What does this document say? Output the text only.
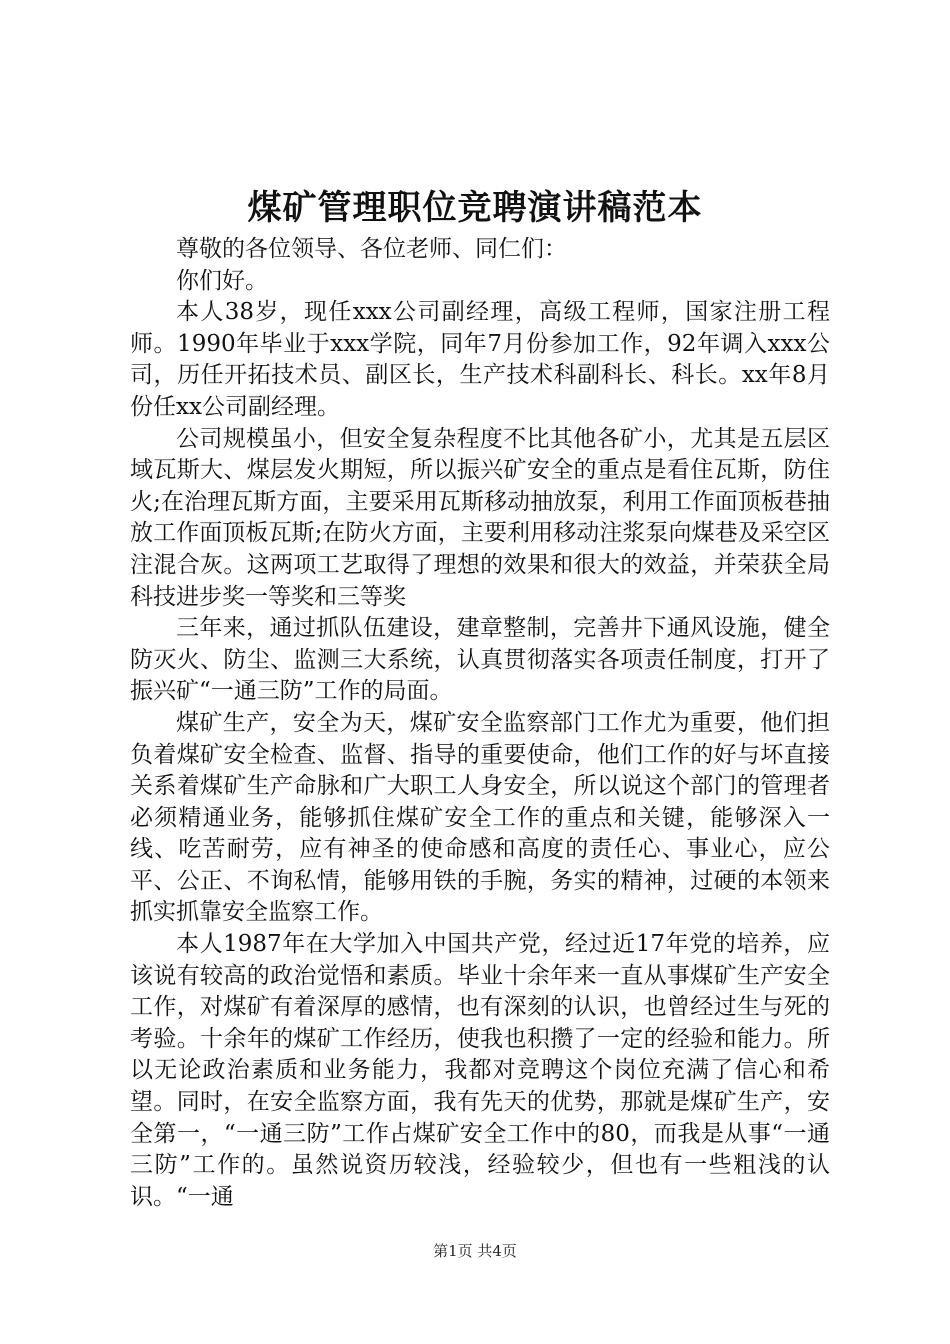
煤矿管理职位竞聘演讲稿范本

尊敬的各位领导、各位老师、同仁们：

你们好。

本人38岁，现任xxx公司副经理，高级工程师，国家注册工程师。1990年毕业于xxx学院，同年7月份参加工作，92年调入xxx公司，历任开拓技术员、副区长，生产技术科副科长、科长。xx年8月份任xx公司副经理。

公司规模虽小，但安全复杂程度不比其他各矿小，尤其是五层区域瓦斯大、煤层发火期短，所以振兴矿安全的重点是看住瓦斯，防住火;在治理瓦斯方面，主要采用瓦斯移动抽放泵，利用工作面顶板巷抽放工作面顶板瓦斯;在防火方面，主要利用移动注浆泵向煤巷及采空区注混合灰。这两项工艺取得了理想的效果和很大的效益，并荣获全局科技进步奖一等奖和三等奖

三年来，通过抓队伍建设，建章整制，完善井下通风设施，健全防灭火、防尘、监测三大系统，认真贯彻落实各项责任制度，打开了振兴矿“一通三防”工作的局面。

煤矿生产，安全为天，煤矿安全监察部门工作尤为重要，他们担负着煤矿安全检查、监督、指导的重要使命，他们工作的好与坏直接关系着煤矿生产命脉和广大职工人身安全，所以说这个部门的管理者必须精通业务，能够抓住煤矿安全工作的重点和关键，能够深入一线、吃苦耐劳，应有神圣的使命感和高度的责任心、事业心，应公平、公正、不询私情，能够用铁的手腕，务实的精神，过硬的本领来抓实抓靠安全监察工作。

本人1987年在大学加入中国共产党，经过近17年党的培养，应该说有较高的政治觉悟和素质。毕业十余年来一直从事煤矿生产安全工作，对煤矿有着深厚的感情，也有深刻的认识，也曾经过生与死的考验。十余年的煤矿工作经历，使我也积攒了一定的经验和能力。所以无论政治素质和业务能力，我都对竞聘这个岗位充满了信心和希望。同时，在安全监察方面，我有先天的优势，那就是煤矿生产，安全第一，“一通三防”工作占煤矿安全工作中的80，而我是从事“一通三防”工作的。虽然说资历较浅，经验较少，但也有一些粗浅的认识。“一通

第1页 共4页
